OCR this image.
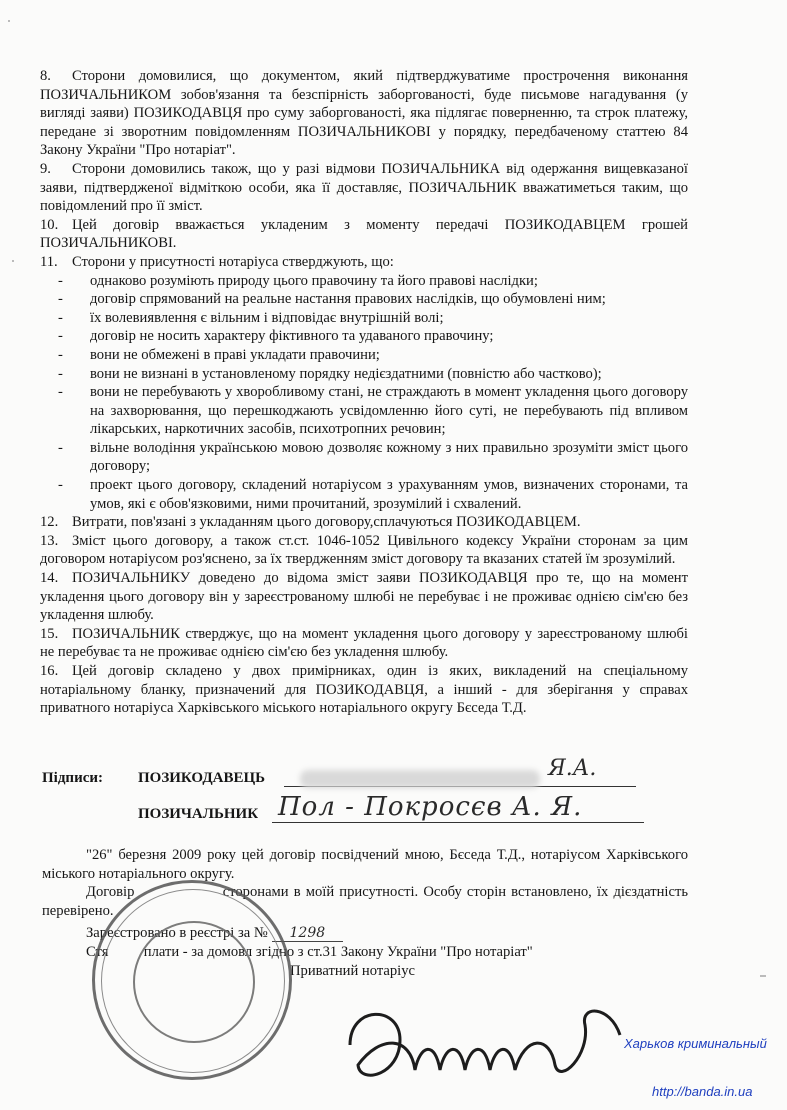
8. Сторони домовилися, що документом, який підтверджуватиме прострочення виконання ПОЗИЧАЛЬНИКОМ зобов'язання та безспірність заборгованості, буде письмове нагадування (у вигляді заяви) ПОЗИКОДАВЦЯ про суму заборгованості, яка підлягає поверненню, та строк платежу, передане зі зворотним повідомленням ПОЗИЧАЛЬНИКОВІ у порядку, передбаченому статтею 84 Закону України "Про нотаріат".

9. Сторони домовились також, що у разі відмови ПОЗИЧАЛЬНИКА від одержання вищевказаної заяви, підтвердженої відміткою особи, яка її доставляє, ПОЗИЧАЛЬНИК вважатиметься таким, що повідомлений про її зміст.

10. Цей договір вважається укладеним з моменту передачі ПОЗИКОДАВЦЕМ грошей ПОЗИЧАЛЬНИКОВІ.

11. Сторони у присутності нотаріуса стверджують, що:

- однаково розуміють природу цього правочину та його правові наслідки;

- договір спрямований на реальне настання правових наслідків, що обумовлені ним;

- їх волевиявлення є вільним і відповідає внутрішній волі;

- договір не носить характеру фіктивного та удаваного правочину;

- вони не обмежені в праві укладати правочини;

- вони не визнані в установленому порядку недієздатними (повністю або частково);

- вони не перебувають у хворобливому стані, не страждають в момент укладення цього договору на захворювання, що перешкоджають усвідомленню його суті, не перебувають під впливом лікарських, наркотичних засобів, психотропних речовин;

- вільне володіння українською мовою дозволяє кожному з них правильно зрозуміти зміст цього договору;

- проект цього договору, складений нотаріусом з урахуванням умов, визначених сторонами, та умов, які є обов'язковими, ними прочитаний, зрозумілий і схвалений.

12. Витрати, пов'язані з укладанням цього договору,сплачуються ПОЗИКОДАВЦЕМ.

13. Зміст цього договору, а також ст.ст. 1046-1052 Цивільного кодексу України сторонам за цим договором нотаріусом роз'яснено, за їх твердженням зміст договору та вказаних статей їм зрозумілий.

14. ПОЗИЧАЛЬНИКУ доведено до відома зміст заяви ПОЗИКОДАВЦЯ про те, що на момент укладення цього договору він у зареєстрованому шлюбі не перебуває і не проживає однією сім'єю без укладення шлюбу.

15. ПОЗИЧАЛЬНИК стверджує, що на момент укладення цього договору у зареєстрованому шлюбі не перебуває та не проживає однією сім'єю без укладення шлюбу.

16. Цей договір складено у двох примірниках, один із яких, викладений на спеціальному нотаріальному бланку, призначений для ПОЗИКОДАВЦЯ, а інший - для зберігання у справах приватного нотаріуса Харківського міського нотаріального округу Бєседа Т.Д.

Підписи: ПОЗИКОДАВЕЦЬ	Я.А.
ПОЗИЧАЛЬНИК Пол - Покросєв А. Я.

"26" березня 2009 року цей договір посвідчений мною, Бєседа Т.Д., нотаріусом Харківського міського нотаріального округу.

Договір	сторонами в моїй присутності. Особу сторін встановлено, їх дієздатність перевірено.

Зареєстровано в реєстрі за № 1298

Стя плати - за домовл згідно з ст.31 Закону України "Про нотаріат"

Приватний нотаріус

Харьков криминальный
http://banda.in.ua
